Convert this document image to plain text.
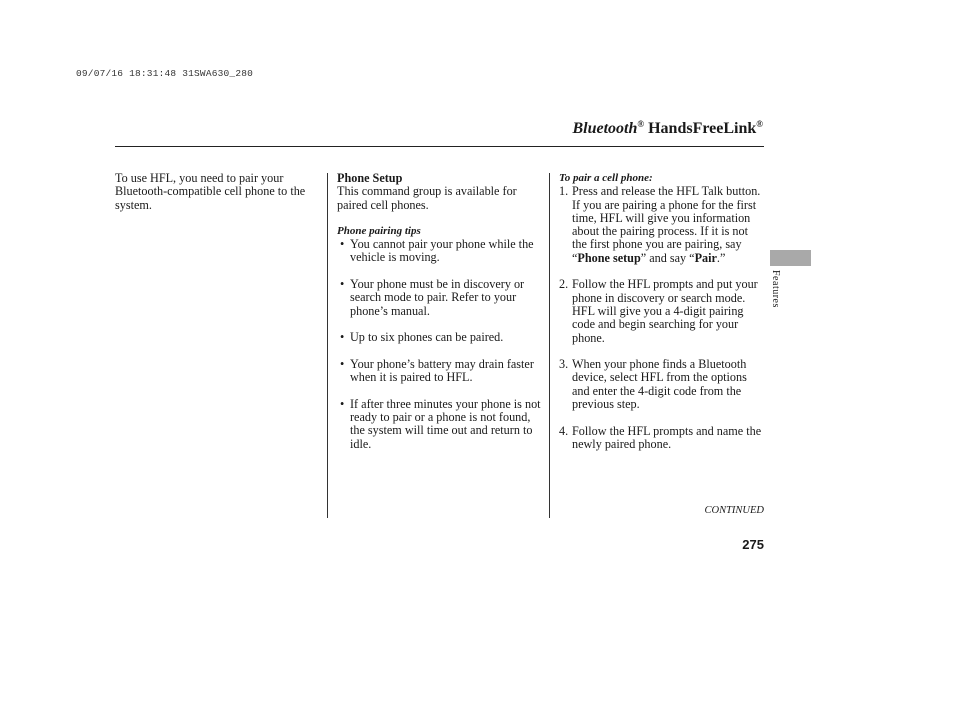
09/07/16 18:31:48 31SWA630_280
Bluetooth® HandsFreeLink®

To use HFL, you need to pair your Bluetooth-compatible cell phone to the system.

Phone Setup

This command group is available for paired cell phones.

Phone pairing tips

• You cannot pair your phone while the vehicle is moving.
• Your phone must be in discovery or search mode to pair. Refer to your phone’s manual.
• Up to six phones can be paired.
• Your phone’s battery may drain faster when it is paired to HFL.
• If after three minutes your phone is not ready to pair or a phone is not found, the system will time out and return to idle.

To pair a cell phone:

1. Press and release the HFL Talk button. If you are pairing a phone for the first time, HFL will give you information about the pairing process. If it is not the first phone you are pairing, say “Phone setup” and say “Pair.”
2. Follow the HFL prompts and put your phone in discovery or search mode. HFL will give you a 4-digit pairing code and begin searching for your phone.
3. When your phone finds a Bluetooth device, select HFL from the options and enter the 4-digit code from the previous step.
4. Follow the HFL prompts and name the newly paired phone.
CONTINUED
275
Features
